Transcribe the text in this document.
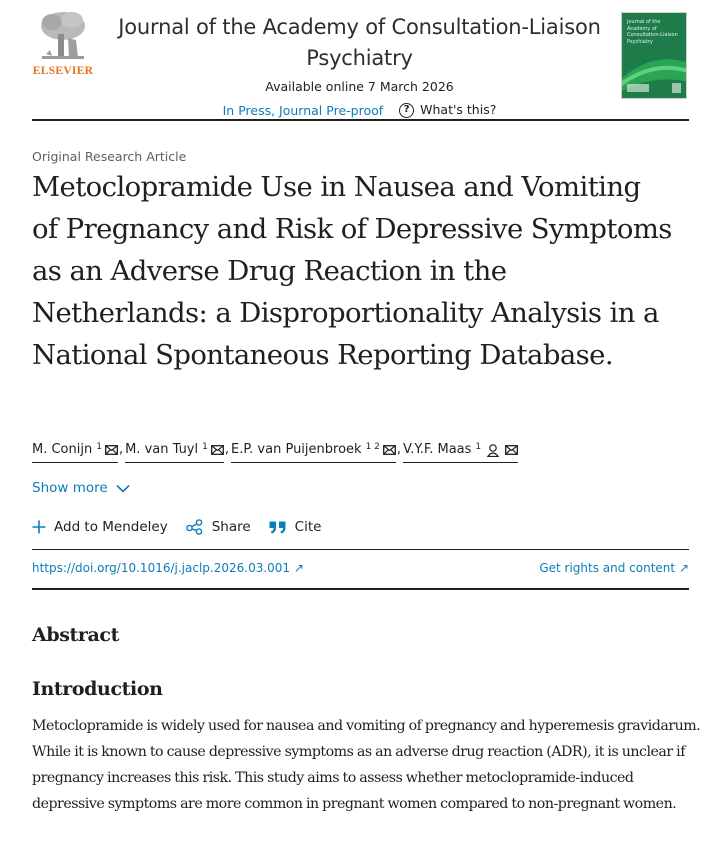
ELSEVIER
Journal of the Academy of Consultation-Liaison Psychiatry
Available online 7 March 2026
In Press, Journal Pre-proof	? What's this?
Journal of the
Academy of
Consultation-Liaison
Psychiatry
Original Research Article
Metoclopramide Use in Nausea and Vomiting of Pregnancy and Risk of Depressive Symptoms as an Adverse Drug Reaction in the Netherlands: a Disproportionality Analysis in a National Spontaneous Reporting Database.
M. Conijn $^1$ , M. van Tuyl $^1$ , E.P. van Puijenbroek $^{1 2}$ , V.Y.F. Maas $^1$
Show more
Add to Mendeley	Share	Cite
https://doi.org/10.1016/j.jaclp.2026.03.001 ↗	Get rights and content ↗
Abstract
Introduction

Metoclopramide is widely used for nausea and vomiting of pregnancy and hyperemesis gravidarum. While it is known to cause depressive symptoms as an adverse drug reaction (ADR), it is unclear if pregnancy increases this risk. This study aims to assess whether metoclopramide-induced depressive symptoms are more common in pregnant women compared to non-pregnant women.
